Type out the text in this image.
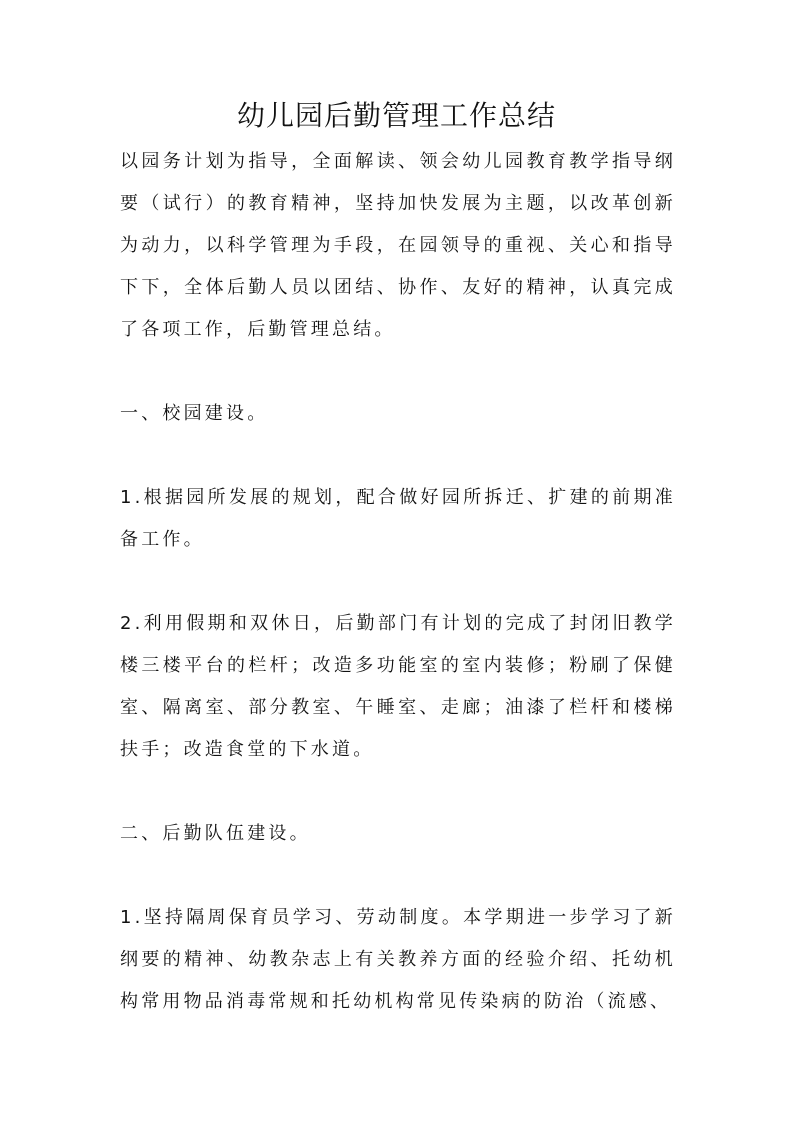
幼儿园后勤管理工作总结

以园务计划为指导，全面解读、领会幼儿园教育教学指导纲要（试行）的教育精神，坚持加快发展为主题，以改革创新为动力，以科学管理为手段，在园领导的重视、关心和指导下下，全体后勤人员以团结、协作、友好的精神，认真完成了各项工作，后勤管理总结。

一、校园建设。

1.根据园所发展的规划，配合做好园所拆迁、扩建的前期准备工作。

2.利用假期和双休日，后勤部门有计划的完成了封闭旧教学楼三楼平台的栏杆；改造多功能室的室内装修；粉刷了保健室、隔离室、部分教室、午睡室、走廊；油漆了栏杆和楼梯扶手；改造食堂的下水道。

二、后勤队伍建设。

1.坚持隔周保育员学习、劳动制度。本学期进一步学习了新纲要的精神、幼教杂志上有关教养方面的经验介绍、托幼机构常用物品消毒常规和托幼机构常见传染病的防治（流感、
